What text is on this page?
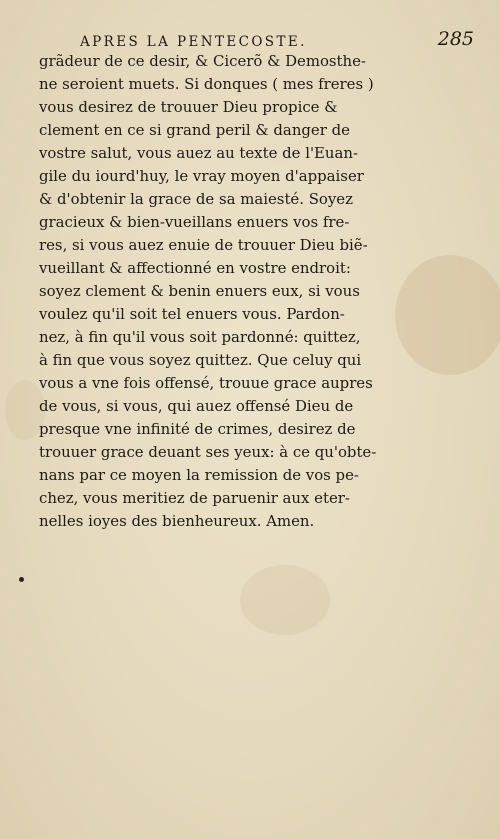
APRES LA PENTECOSTE.	285
grãdeur de ce desir, & Cicerõ & Demosthe-
ne seroient muets. Si donques ( mes freres )
vous desirez de trouuer Dieu propice &
clement en ce si grand peril & danger de
vostre salut, vous auez au texte de l'Euan-
gile du iourd'huy, le vray moyen d'appaiser
& d'obtenir la grace de sa maiesté. Soyez
gracieux & bien-vueillans enuers vos fre-
res, si vous auez enuie de trouuer Dieu biẽ-
vueillant & affectionné en vostre endroit:
soyez clement & benin enuers eux, si vous
voulez qu'il soit tel enuers vous. Pardon-
nez, à fin qu'il vous soit pardonné: quittez,
à fin que vous soyez quittez. Que celuy qui
vous a vne fois offensé, trouue grace aupres
de vous, si vous, qui auez offensé Dieu de
presque vne infinité de crimes, desirez de
trouuer grace deuant ses yeux: à ce qu'obte-
nans par ce moyen la remission de vos pe-
chez, vous meritiez de paruenir aux eter-
nelles ioyes des bienheureux. Amen.
